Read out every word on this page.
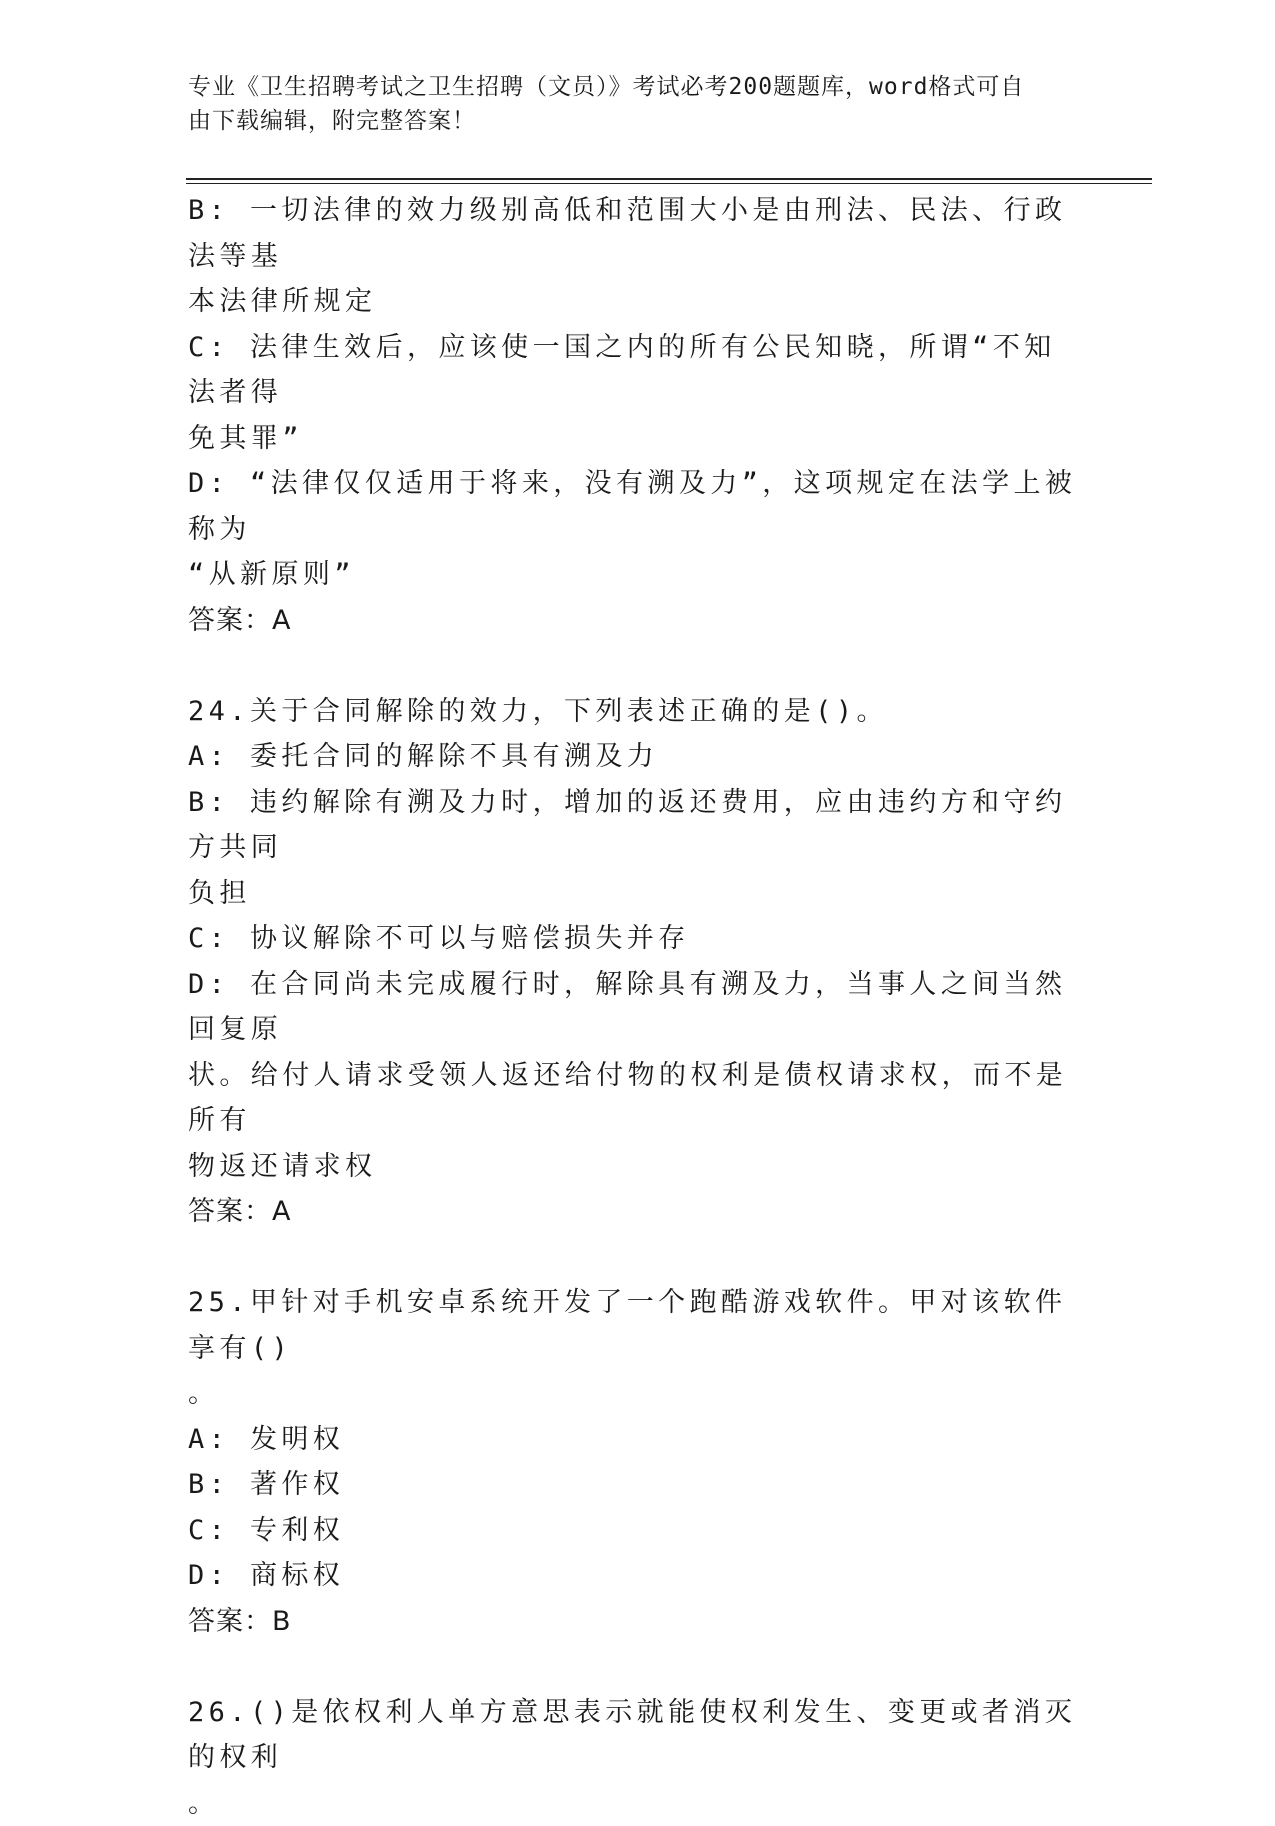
专业《卫生招聘考试之卫生招聘（文员）》考试必考200题题库，word格式可自
由下载编辑，附完整答案！
B: 一切法律的效力级别高低和范围大小是由刑法、民法、行政法等基
本法律所规定
C: 法律生效后，应该使一国之内的所有公民知晓，所谓“不知法者得
免其罪”
D: “法律仅仅适用于将来，没有溯及力”，这项规定在法学上被称为
“从新原则”
答案：A
24.关于合同解除的效力，下列表述正确的是()。
A: 委托合同的解除不具有溯及力
B: 违约解除有溯及力时，增加的返还费用，应由违约方和守约方共同
负担
C: 协议解除不可以与赔偿损失并存
D: 在合同尚未完成履行时，解除具有溯及力，当事人之间当然回复原
状。给付人请求受领人返还给付物的权利是债权请求权，而不是所有
物返还请求权
答案：A
25.甲针对手机安卓系统开发了一个跑酷游戏软件。甲对该软件享有()
。
A: 发明权
B: 著作权
C: 专利权
D: 商标权
答案：B
26.()是依权利人单方意思表示就能使权利发生、变更或者消灭的权利
。
